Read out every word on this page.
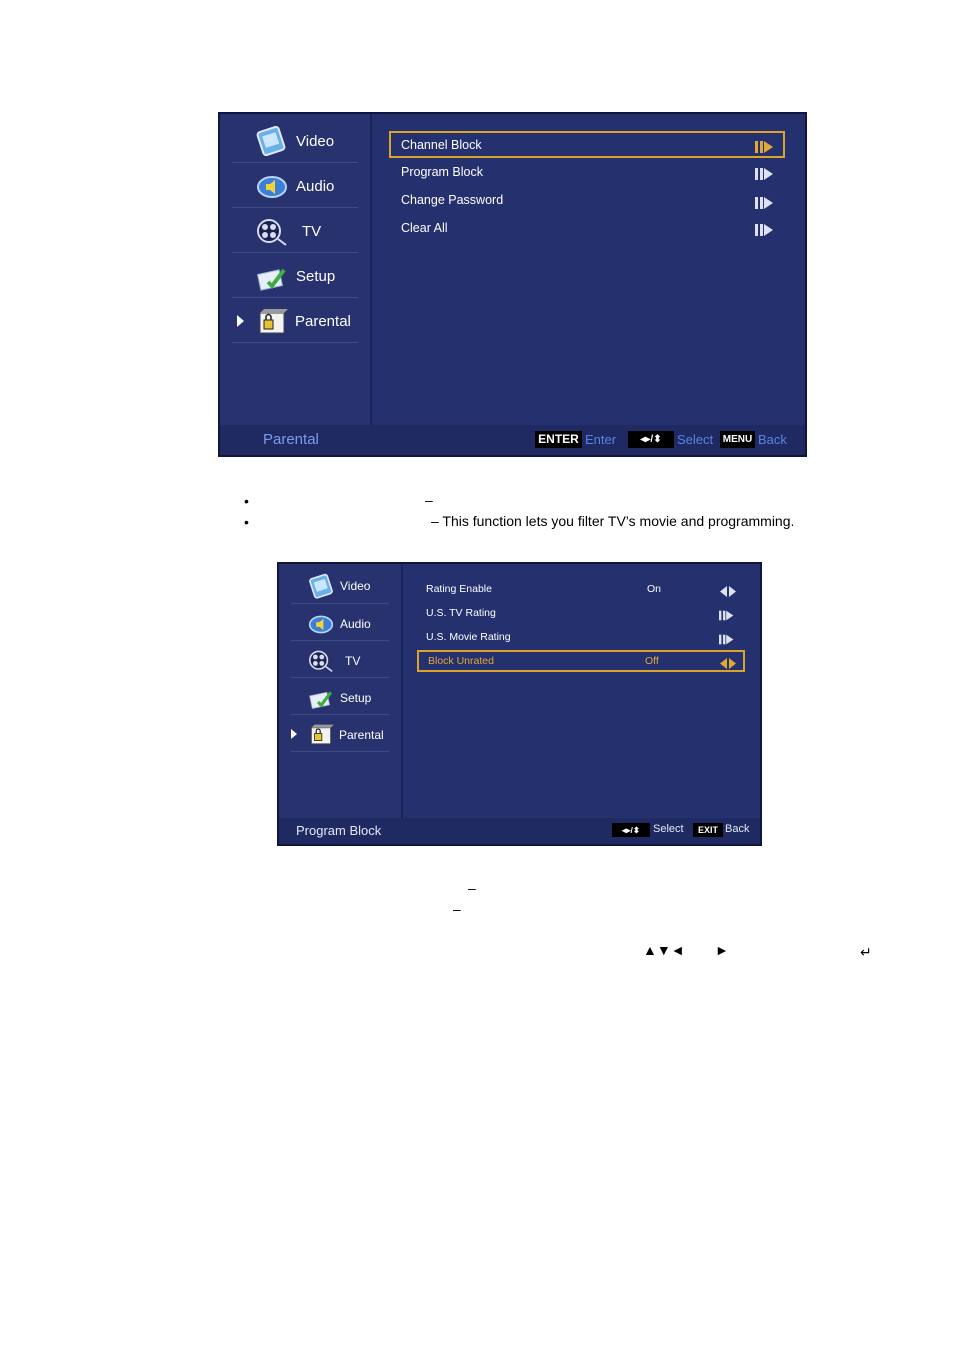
Video
Audio
TV
Setup
Parental
Channel Block
Program Block
Change Password
Clear All
Parental	ENTER Enter	◂▸/⬍	Select MENU Back
•	–
•	– This function lets you filter TV’s movie and programming.
Video
Audio
TV
Setup
Parental
Rating Enable	On
U.S. TV Rating
U.S. Movie Rating
Block Unrated	Off
Program Block	◂▸/⬍	Select	EXIT Back
–
–
▲▼◄ ►	↵
